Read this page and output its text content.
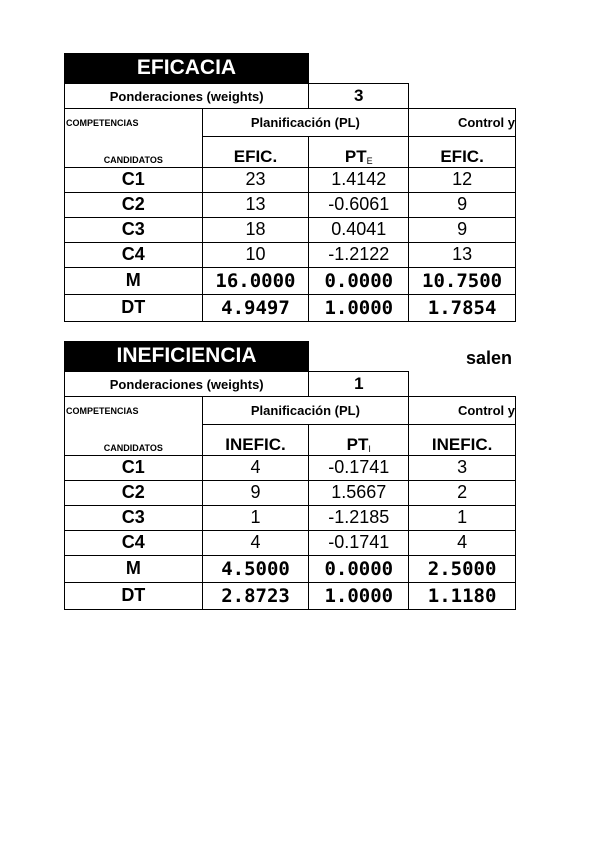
EFICACIA
Ponderaciones (weights)		3	
COMPETENCIAS	Planificación (PL)		Control y
CANDIDATOS	EFIC.	$PT_E$	EFIC.
C1	23	1.4142	12
C2	13	-0.6061	9
C3	18	0.4041	9
C4	10	-1.2122	13
M	16.0000	0.0000	10.7500
DT	4.9497	1.0000	1.7854
INEFICIENCIA	salen
Ponderaciones (weights)		1	
COMPETENCIAS	Planificación (PL)		Control y
CANDIDATOS	INEFIC.	$PT_I$	INEFIC.
C1	4	-0.1741	3
C2	9	1.5667	2
C3	1	-1.2185	1
C4	4	-0.1741	4
M	4.5000	0.0000	2.5000
DT	2.8723	1.0000	1.1180
